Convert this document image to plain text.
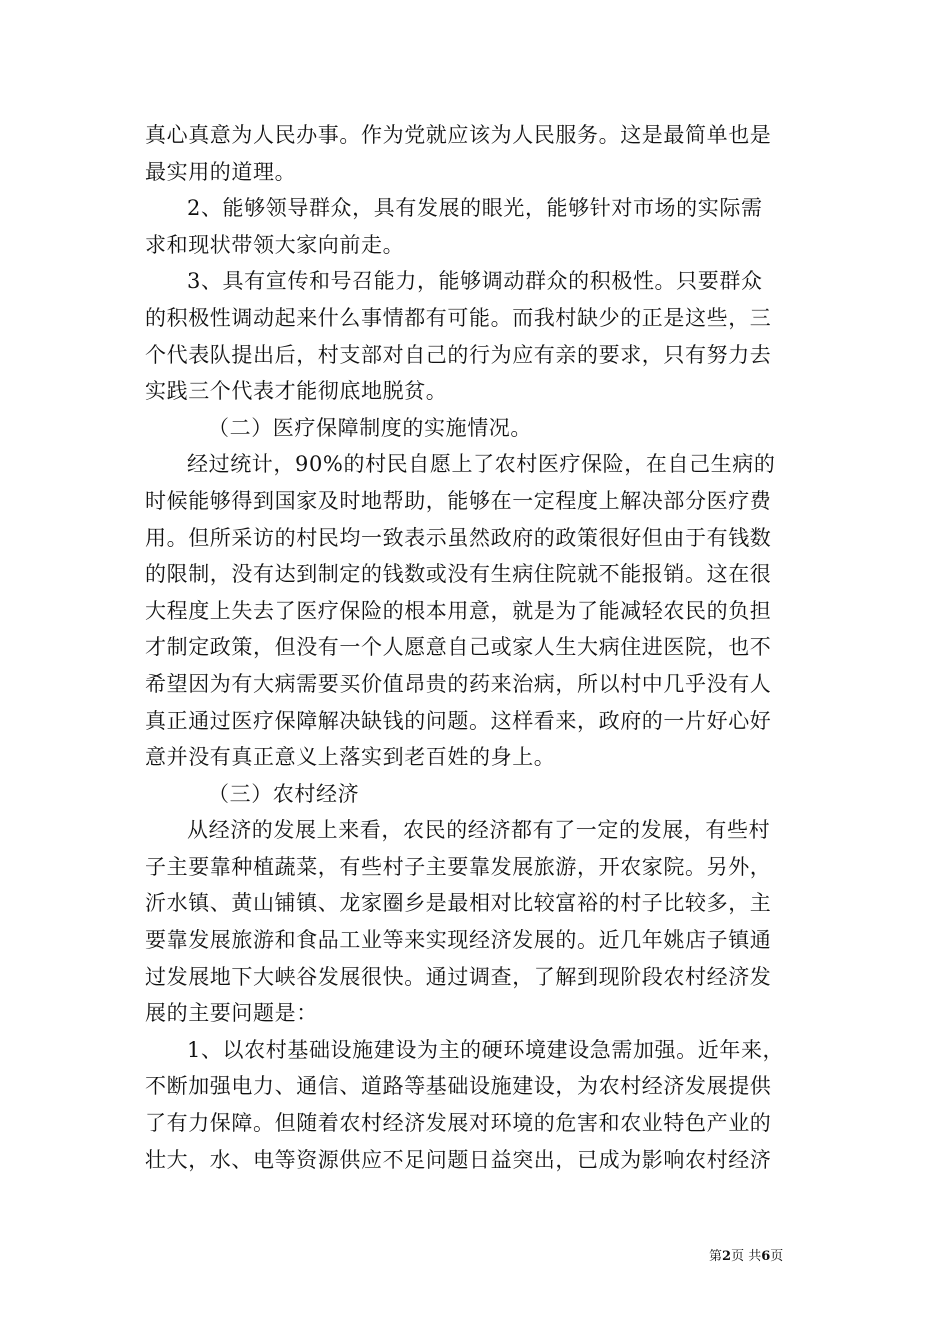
真心真意为人民办事。作为党就应该为人民服务。这是最简单也是
最实用的道理。
2、能够领导群众，具有发展的眼光，能够针对市场的实际需
求和现状带领大家向前走。
3、具有宣传和号召能力，能够调动群众的积极性。只要群众
的积极性调动起来什么事情都有可能。而我村缺少的正是这些，三
个代表队提出后，村支部对自己的行为应有亲的要求，只有努力去
实践三个代表才能彻底地脱贫。
（二）医疗保障制度的实施情况。
经过统计，90%的村民自愿上了农村医疗保险，在自己生病的
时候能够得到国家及时地帮助，能够在一定程度上解决部分医疗费
用。但所采访的村民均一致表示虽然政府的政策很好但由于有钱数
的限制，没有达到制定的钱数或没有生病住院就不能报销。这在很
大程度上失去了医疗保险的根本用意，就是为了能减轻农民的负担
才制定政策，但没有一个人愿意自己或家人生大病住进医院，也不
希望因为有大病需要买价值昂贵的药来治病，所以村中几乎没有人
真正通过医疗保障解决缺钱的问题。这样看来，政府的一片好心好
意并没有真正意义上落实到老百姓的身上。
（三）农村经济
从经济的发展上来看，农民的经济都有了一定的发展，有些村
子主要靠种植蔬菜，有些村子主要靠发展旅游，开农家院。另外，
沂水镇、黄山铺镇、龙家圈乡是最相对比较富裕的村子比较多，主
要靠发展旅游和食品工业等来实现经济发展的。近几年姚店子镇通
过发展地下大峡谷发展很快。通过调查，了解到现阶段农村经济发
展的主要问题是：
1、以农村基础设施建设为主的硬环境建设急需加强。近年来，
不断加强电力、通信、道路等基础设施建设，为农村经济发展提供
了有力保障。但随着农村经济发展对环境的危害和农业特色产业的
壮大，水、电等资源供应不足问题日益突出，已成为影响农村经济
第2页 共6页
